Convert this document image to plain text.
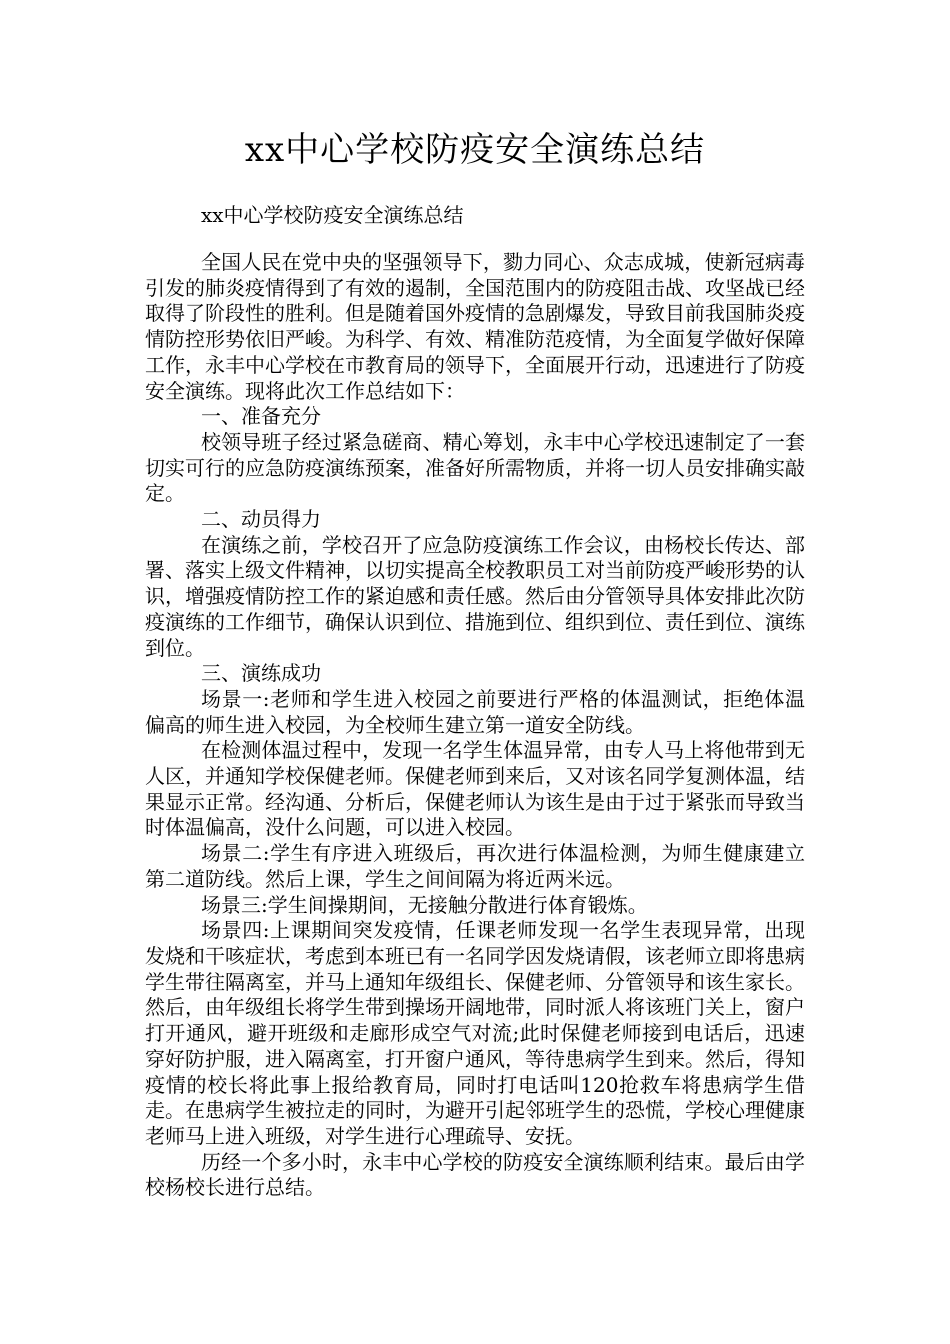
xx中心学校防疫安全演练总结

xx中心学校防疫安全演练总结

全国人民在党中央的坚强领导下，勠力同心、众志成城，使新冠病毒引发的肺炎疫情得到了有效的遏制，全国范围内的防疫阻击战、攻坚战已经取得了阶段性的胜利。但是随着国外疫情的急剧爆发，导致目前我国肺炎疫情防控形势依旧严峻。为科学、有效、精准防范疫情，为全面复学做好保障工作，永丰中心学校在市教育局的领导下，全面展开行动，迅速进行了防疫安全演练。现将此次工作总结如下：

一、准备充分

校领导班子经过紧急磋商、精心筹划，永丰中心学校迅速制定了一套切实可行的应急防疫演练预案，准备好所需物质，并将一切人员安排确实敲定。

二、动员得力

在演练之前，学校召开了应急防疫演练工作会议，由杨校长传达、部署、落实上级文件精神，以切实提高全校教职员工对当前防疫严峻形势的认识，增强疫情防控工作的紧迫感和责任感。然后由分管领导具体安排此次防疫演练的工作细节，确保认识到位、措施到位、组织到位、责任到位、演练到位。

三、演练成功

场景一:老师和学生进入校园之前要进行严格的体温测试，拒绝体温偏高的师生进入校园，为全校师生建立第一道安全防线。

在检测体温过程中，发现一名学生体温异常，由专人马上将他带到无人区，并通知学校保健老师。保健老师到来后，又对该名同学复测体温，结果显示正常。经沟通、分析后，保健老师认为该生是由于过于紧张而导致当时体温偏高，没什么问题，可以进入校园。

场景二:学生有序进入班级后，再次进行体温检测，为师生健康建立第二道防线。然后上课，学生之间间隔为将近两米远。

场景三:学生间操期间，无接触分散进行体育锻炼。

场景四:上课期间突发疫情，任课老师发现一名学生表现异常，出现发烧和干咳症状，考虑到本班已有一名同学因发烧请假，该老师立即将患病学生带往隔离室，并马上通知年级组长、保健老师、分管领导和该生家长。然后，由年级组长将学生带到操场开阔地带，同时派人将该班门关上，窗户打开通风，避开班级和走廊形成空气对流;此时保健老师接到电话后，迅速穿好防护服，进入隔离室，打开窗户通风，等待患病学生到来。然后，得知疫情的校长将此事上报给教育局，同时打电话叫120抢救车将患病学生借走。在患病学生被拉走的同时，为避开引起邻班学生的恐慌，学校心理健康老师马上进入班级，对学生进行心理疏导、安抚。

历经一个多小时，永丰中心学校的防疫安全演练顺利结束。最后由学校杨校长进行总结。
